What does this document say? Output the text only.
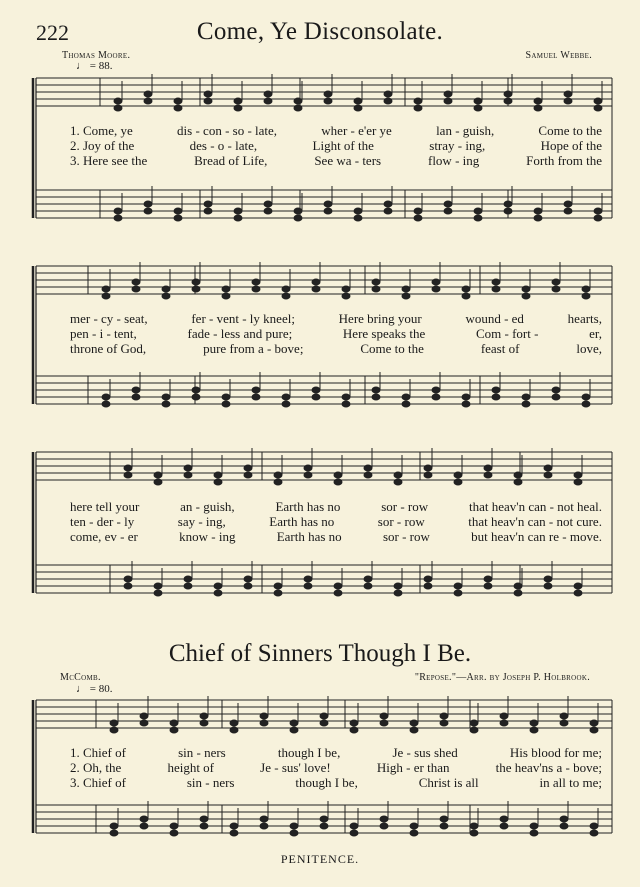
222	Come, Ye Disconsolate.
Thomas Moore.	Samuel Webbe.
♩ = 88.
1. Come, ye	dis - con - so - late,	wher - e'er ye	lan - guish,	Come to the
2. Joy of the	des - o - late,	Light of the	stray - ing,	Hope of the
3. Here see the	Bread of Life,	See wa - ters	flow - ing	Forth from the
mer - cy - seat,	fer - vent - ly kneel;	Here bring your	wound - ed	hearts,
pen - i - tent,	fade - less and pure;	Here speaks the	Com - fort -	er,
throne of God,	pure from a - bove;	Come to the	feast of	love,
here tell your	an - guish,	Earth has no	sor - row	that heav'n can - not heal.
ten - der - ly	say - ing,	Earth has no	sor - row	that heav'n can - not cure.
come, ev - er	know - ing	Earth has no	sor - row	but heav'n can re - move.
Chief of Sinners Though I Be.
McComb.	"Repose."—Arr. by Joseph P. Holbrook.
♩ = 80.
1. Chief of	sin - ners	though I be,	Je - sus shed	His blood for me;
2. Oh, the	height of	Je - sus' love!	High - er than	the heav'ns a - bove;
3. Chief of	sin - ners	though I be,	Christ is all	in all to me;
PENITENCE.
